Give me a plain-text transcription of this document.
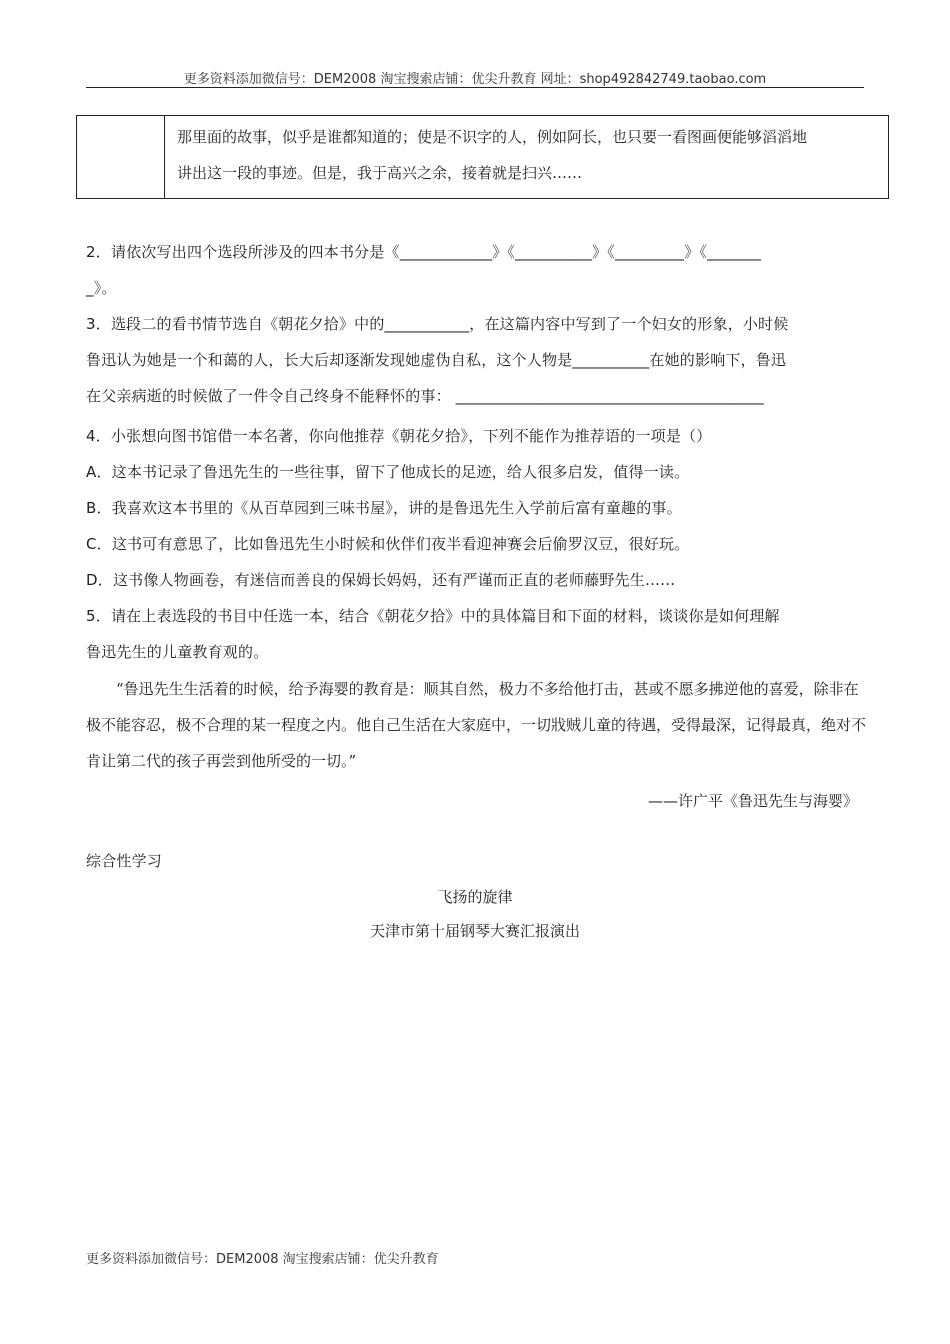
更多资料添加微信号：DEM2008 淘宝搜索店铺：优尖升教育 网址：shop492842749.taobao.com
那里面的故事，似乎是谁都知道的；使是不识字的人，例如阿长，也只要一看图画便能够滔滔地
讲出这一段的事迹。但是，我于高兴之余，接着就是扫兴……
2．请依次写出四个选段所涉及的四本书分是《____________》《__________》《_________》《_______
_》。
3．选段二的看书情节选自《朝花夕拾》中的___________，在这篇内容中写到了一个妇女的形象，小时候
鲁迅认为她是一个和蔼的人，长大后却逐渐发现她虚伪自私，这个人物是__________在她的影响下，鲁迅
在父亲病逝的时候做了一件令自己终身不能释怀的事： ________________________________________
4．小张想向图书馆借一本名著，你向他推荐《朝花夕拾》，下列不能作为推荐语的一项是（）
A．这本书记录了鲁迅先生的一些往事，留下了他成长的足迹，给人很多启发，值得一读。
B．我喜欢这本书里的《从百草园到三味书屋》，讲的是鲁迅先生入学前后富有童趣的事。
C．这书可有意思了，比如鲁迅先生小时候和伙伴们夜半看迎神赛会后偷罗汉豆，很好玩。
D．这书像人物画卷，有迷信而善良的保姆长妈妈，还有严谨而正直的老师藤野先生……
5．请在上表选段的书目中任选一本，结合《朝花夕拾》中的具体篇目和下面的材料，谈谈你是如何理解
鲁迅先生的儿童教育观的。
“鲁迅先生生活着的时候，给予海婴的教育是：顺其自然，极力不多给他打击，甚或不愿多拂逆他的喜爱，除非在极不能容忍，极不合理的某一程度之内。他自己生活在大家庭中，一切戕贼儿童的待遇，受得最深，记得最真，绝对不肯让第二代的孩子再尝到他所受的一切。”
——许广平《鲁迅先生与海婴》
综合性学习
飞扬的旋律
天津市第十届钢琴大赛汇报演出
更多资料添加微信号：DEM2008 淘宝搜索店铺：优尖升教育
